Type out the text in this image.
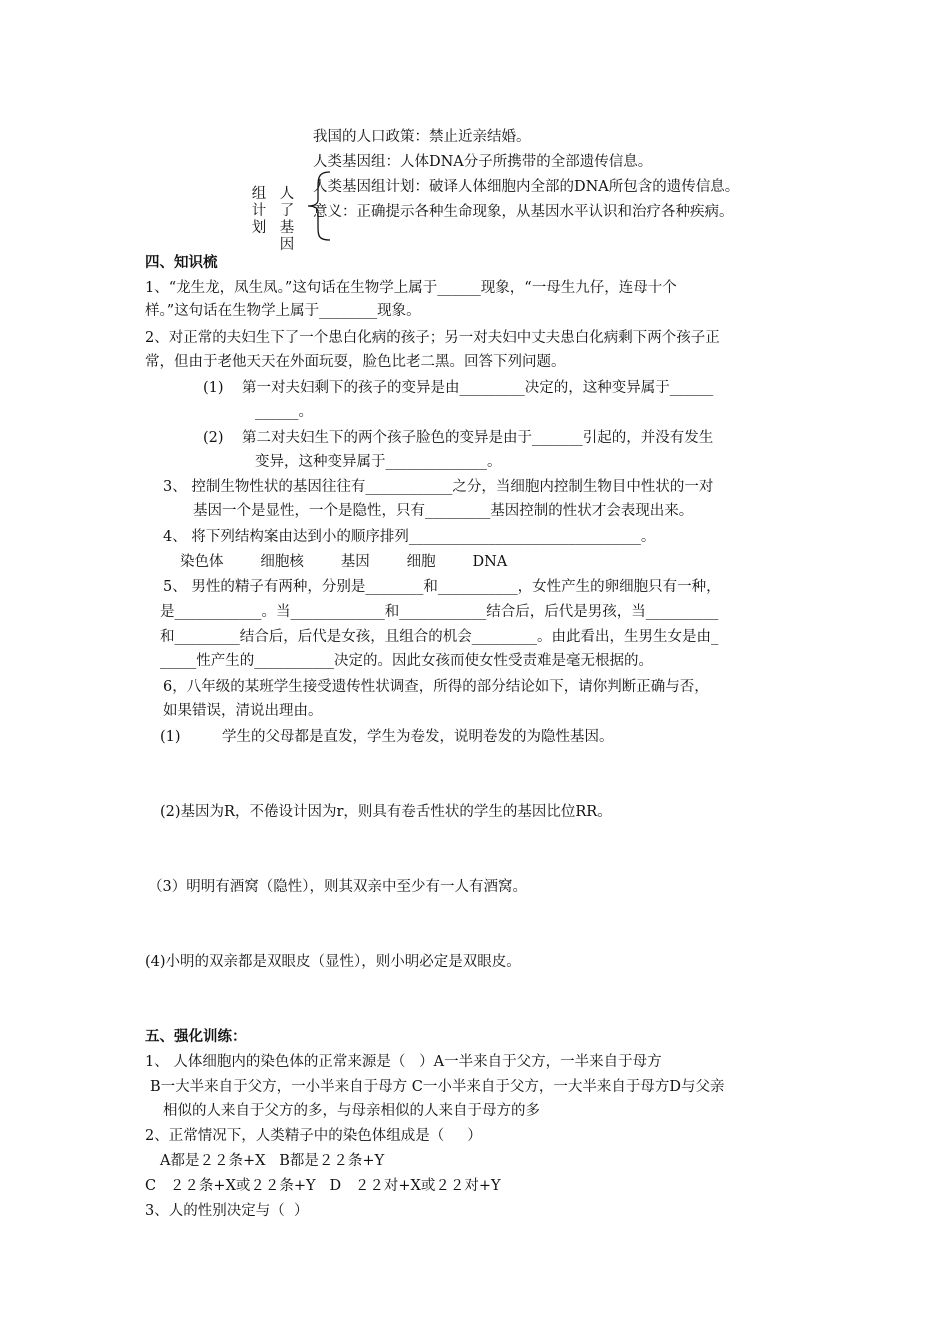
我国的人口政策：禁止近亲结婚。
人类基因组：人体DNA分子所携带的全部遗传信息。
人类基因组计划：破译人体细胞内全部的DNA所包含的遗传信息。
意义：正确提示各种生命现象，从基因水平认识和治疗各种疾病。
组计划
人了基因
四、知识梳
1、“龙生龙，凤生凤。”这句话在生物学上属于______现象，“一母生九仔，连母十个
样。”这句话在生物学上属于________现象。
2、对正常的夫妇生下了一个患白化病的孩子；另一对夫妇中丈夫患白化病剩下两个孩子正
常，但由于老他天天在外面玩耍，脸色比老二黑。回答下列问题。
(1)    第一对夫妇剩下的孩子的变异是由_________决定的，这种变异属于______
______。
(2)    第二对夫妇生下的两个孩子脸色的变异是由于_______引起的，并没有发生
变异，这种变异属于______________。
3、 控制生物性状的基因往往有____________之分，当细胞内控制生物目中性状的一对
基因一个是显性，一个是隐性，只有_________基因控制的性状才会表现出来。
4、 将下列结构案由达到小的顺序排列________________________________。
染色体        细胞核        基因        细胞        DNA
5、 男性的精子有两种，分别是________和___________，女性产生的卵细胞只有一种，
是____________。当_____________和____________结合后，后代是男孩，当__________
和_________结合后，后代是女孩，且组合的机会_________。由此看出，生男生女是由_
_____性产生的___________决定的。因此女孩而使女性受责难是毫无根据的。
6，八年级的某班学生接受遗传性状调查，所得的部分结论如下，请你判断正确与否，
如果错误，清说出理由。
(1)         学生的父母都是直发，学生为卷发，说明卷发的为隐性基因。
(2)基因为R，不倦设计因为r，则具有卷舌性状的学生的基因比位RR。
（3）明明有酒窝（隐性），则其双亲中至少有一人有酒窝。
(4)小明的双亲都是双眼皮（显性），则小明必定是双眼皮。
五、强化训练：
1、 人体细胞内的染色体的正常来源是（   ）A一半来自于父方，一半来自于母方
B一大半来自于父方，一小半来自于母方 C一小半来自于父方，一大半来自于母方D与父亲
相似的人来自于父方的多，与母亲相似的人来自于母方的多
2、正常情况下，人类精子中的染色体组成是（     ）
A都是２２条+X   B都是２２条+Y
C   ２２条+X或２２条+Y   D   ２２对+X或２２对+Y
3、人的性别决定与（  ）
